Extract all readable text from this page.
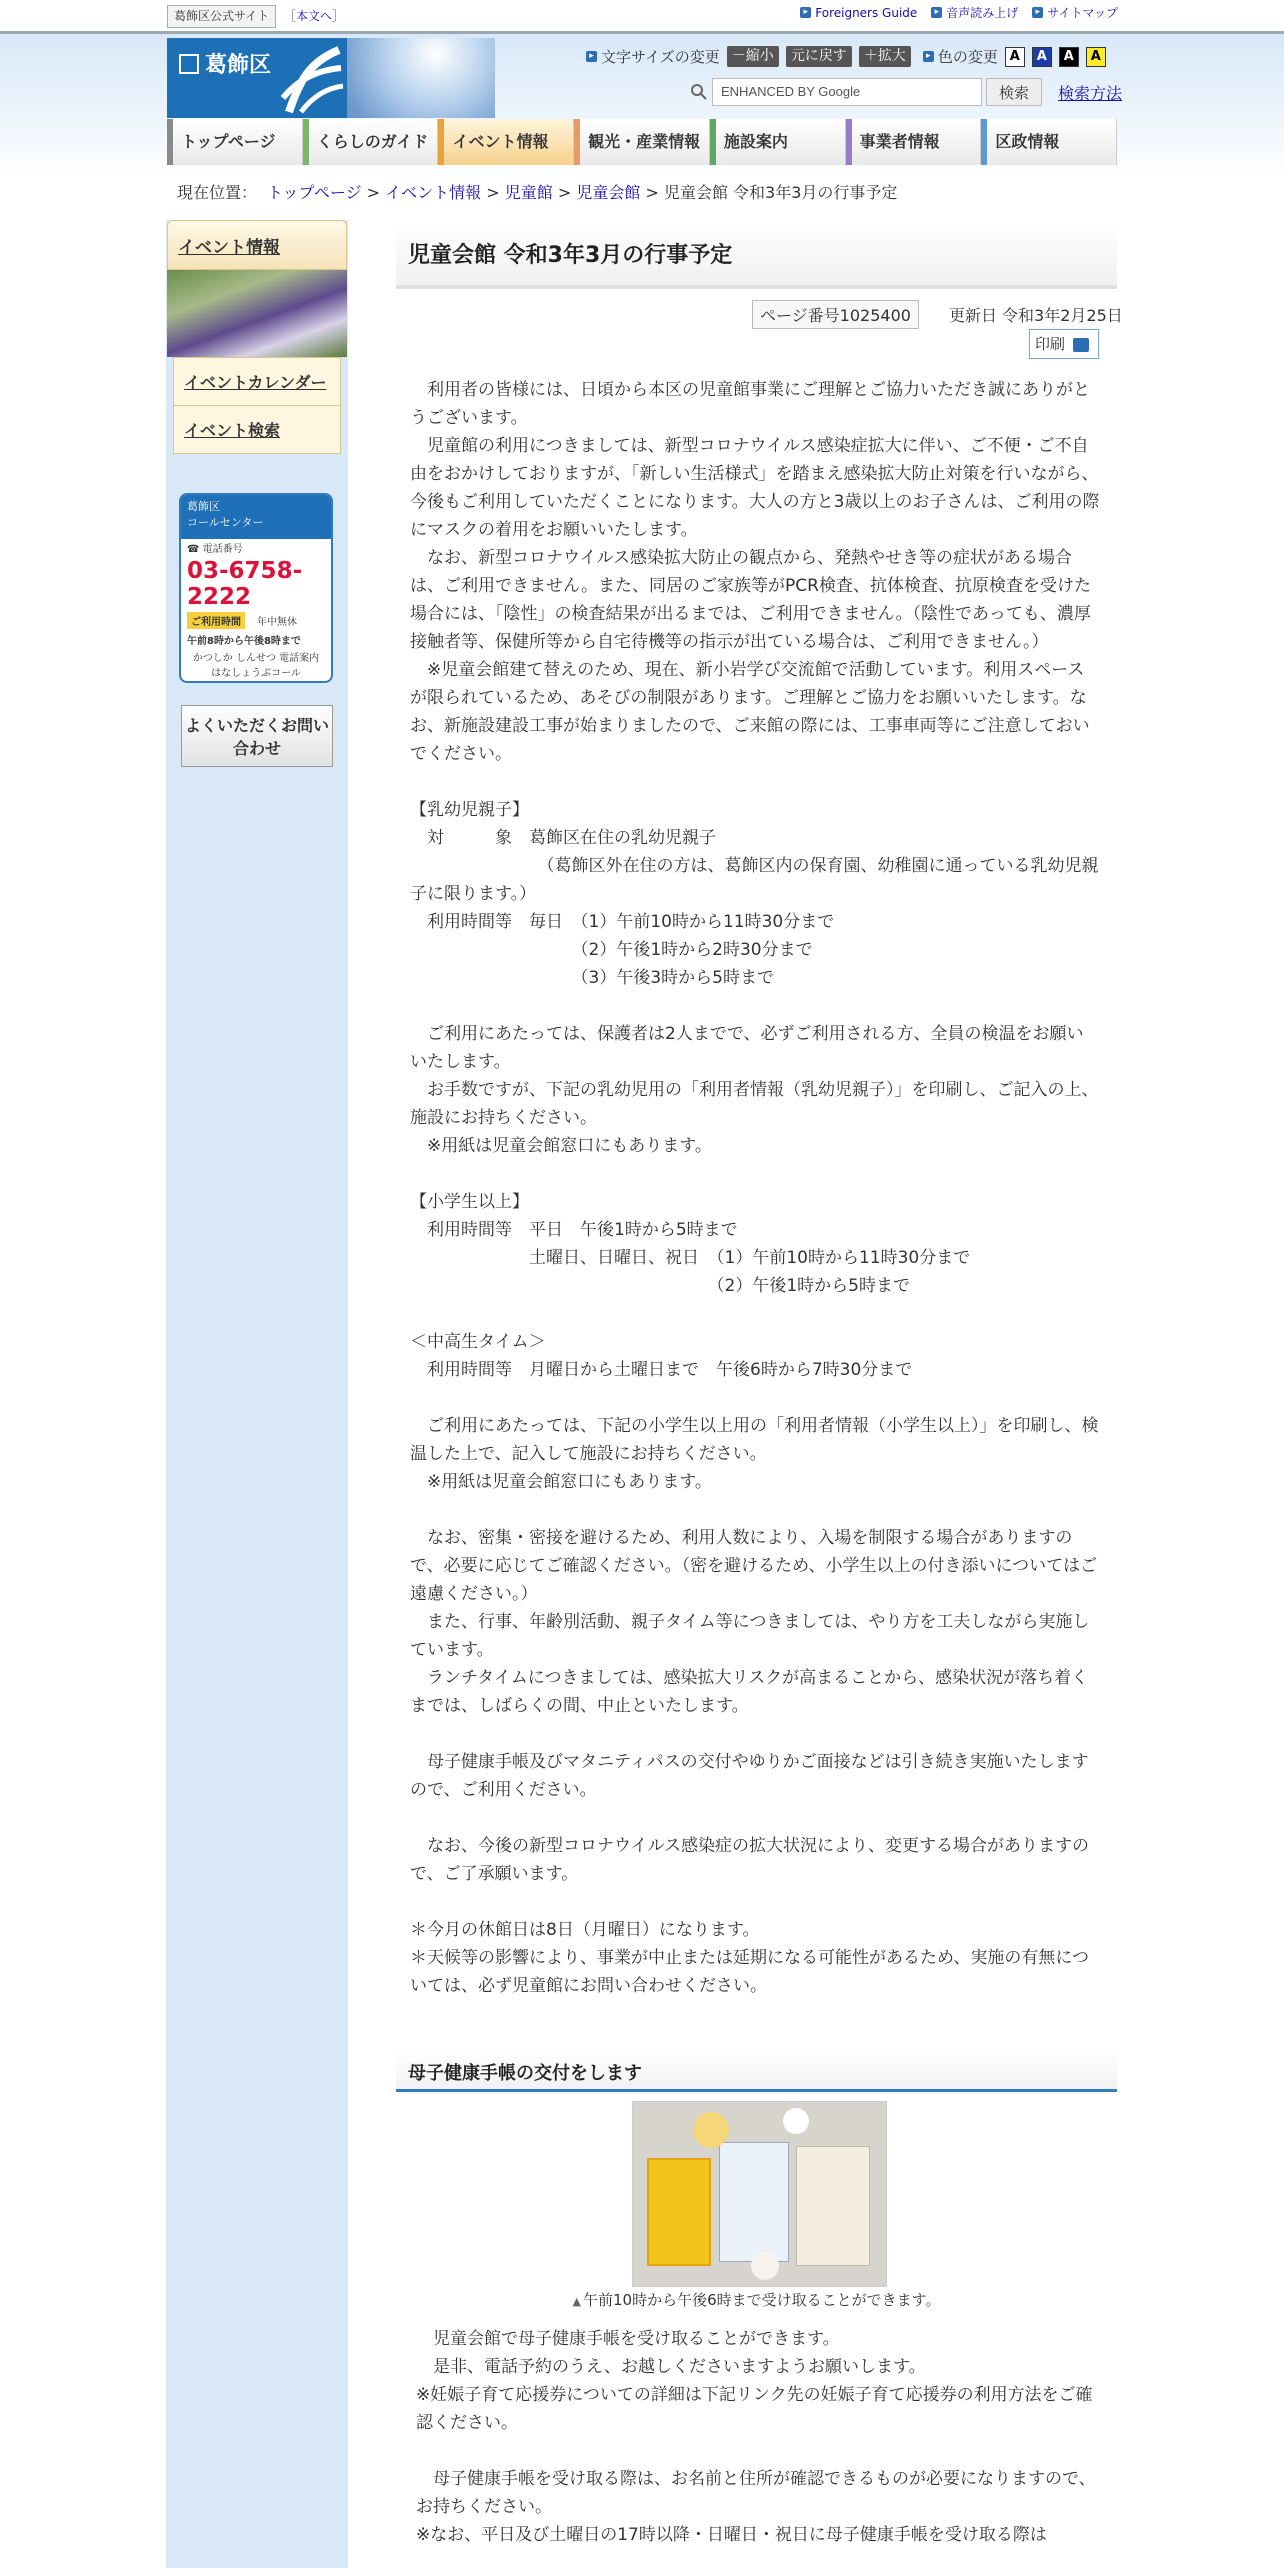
葛飾区公式サイト	［本文へ］	▸ Foreigners Guide	▸ 音声読み上げ	▸ サイトマップ
葛飾区	▸ 文字サイズの変更 －縮小	元に戻す	＋拡大	▸ 色の変更 A	A	A	A
ENHANCED BY Google	検索	検索方法
トップページ	くらしのガイド	イベント情報	観光・産業情報	施設案内	事業者情報	区政情報
現在位置： トップページ > イベント情報 > 児童館 > 児童会館 > 児童会館 令和3年3月の行事予定
イベント情報
イベントカレンダー
イベント検索
葛飾区
コールセンター
☎ 電話番号
03-6758-2222
ご利用時間 年中無休
午前8時から午後8時まで
かつしか しんせつ 電話案内
はなしょうぶコール
よくいただくお問い合わせ
児童会館 令和3年3月の行事予定
ページ番号1025400	更新日 令和3年2月25日
印刷

　利用者の皆様には、日頃から本区の児童館事業にご理解とご協力いただき誠にありがとうございます。

　児童館の利用につきましては、新型コロナウイルス感染症拡大に伴い、ご不便・ご不自由をおかけしておりますが、「新しい生活様式」を踏まえ感染拡大防止対策を行いながら、今後もご利用していただくことになります。大人の方と3歳以上のお子さんは、ご利用の際にマスクの着用をお願いいたします。

　なお、新型コロナウイルス感染拡大防止の観点から、発熱やせき等の症状がある場合は、ご利用できません。また、同居のご家族等がPCR検査、抗体検査、抗原検査を受けた場合には、「陰性」の検査結果が出るまでは、ご利用できません。（陰性であっても、濃厚接触者等、保健所等から自宅待機等の指示が出ている場合は、ご利用できません。）

　※児童会館建て替えのため、現在、新小岩学び交流館で活動しています。利用スペースが限られているため、あそびの制限があります。ご理解とご協力をお願いいたします。なお、新施設建設工事が始まりましたので、ご来館の際には、工事車両等にご注意しておいでください。

【乳幼児親子】

　対　　　象　葛飾区在住の乳幼児親子

　　　　　　　　（葛飾区外在住の方は、葛飾区内の保育園、幼稚園に通っている乳幼児親子に限ります。）

　利用時間等　毎日　（1）午前10時から11時30分まで

　　　　　　　　　　（2）午後1時から2時30分まで

　　　　　　　　　　（3）午後3時から5時まで

　ご利用にあたっては、保護者は2人までで、必ずご利用される方、全員の検温をお願いいたします。

　お手数ですが、下記の乳幼児用の「利用者情報（乳幼児親子）」を印刷し、ご記入の上、施設にお持ちください。

　※用紙は児童会館窓口にもあります。

【小学生以上】

　利用時間等　平日　午後1時から5時まで

　　　　　　　土曜日、日曜日、祝日　（1）午前10時から11時30分まで

　　　　　　　　　　　　　　　　　　（2）午後1時から5時まで

＜中高生タイム＞

　利用時間等　月曜日から土曜日まで　午後6時から7時30分まで

　ご利用にあたっては、下記の小学生以上用の「利用者情報（小学生以上）」を印刷し、検温した上で、記入して施設にお持ちください。

　※用紙は児童会館窓口にもあります。

　なお、密集・密接を避けるため、利用人数により、入場を制限する場合がありますので、必要に応じてご確認ください。（密を避けるため、小学生以上の付き添いについてはご遠慮ください。）

　また、行事、年齢別活動、親子タイム等につきましては、やり方を工夫しながら実施しています。

　ランチタイムにつきましては、感染拡大リスクが高まることから、感染状況が落ち着くまでは、しばらくの間、中止といたします。

　母子健康手帳及びマタニティパスの交付やゆりかご面接などは引き続き実施いたしますので、ご利用ください。

　なお、今後の新型コロナウイルス感染症の拡大状況により、変更する場合がありますので、ご了承願います。

＊今月の休館日は8日（月曜日）になります。

＊天候等の影響により、事業が中止または延期になる可能性があるため、実施の有無については、必ず児童館にお問い合わせください。

母子健康手帳の交付をします
▲ 午前10時から午後6時まで受け取ることができます。

　児童会館で母子健康手帳を受け取ることができます。

　是非、電話予約のうえ、お越しくださいますようお願いします。

※妊娠子育て応援券についての詳細は下記リンク先の妊娠子育て応援券の利用方法をご確認ください。

　母子健康手帳を受け取る際は、お名前と住所が確認できるものが必要になりますので、お持ちください。

※なお、平日及び土曜日の17時以降・日曜日・祝日に母子健康手帳を受け取る際は
